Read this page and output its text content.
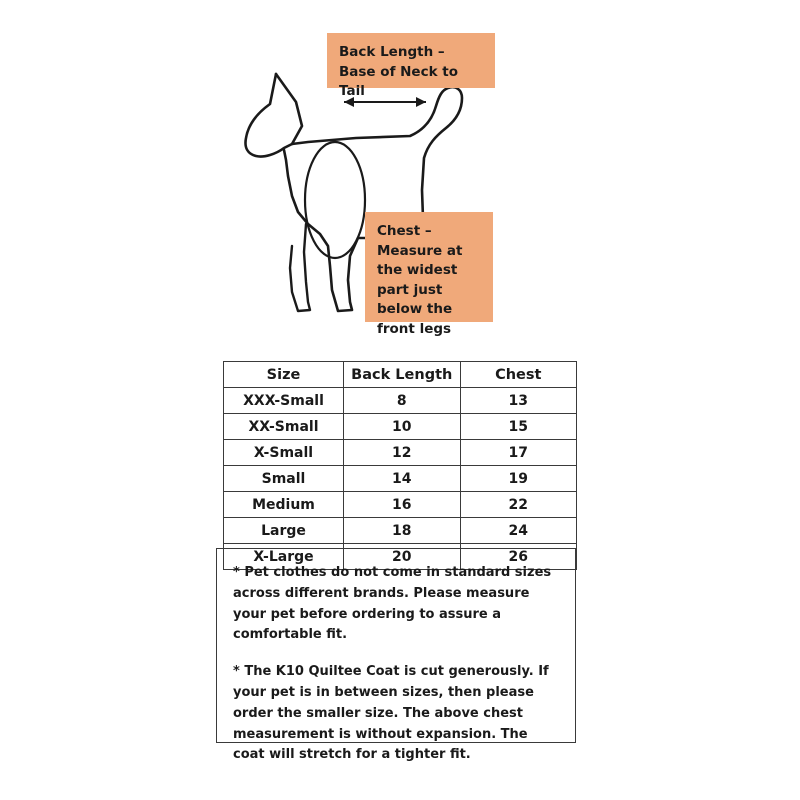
Back Length – Base of Neck to Tail
Chest – Measure at the widest part just below the front legs
Size	Back Length	Chest
XXX-Small	8	13
XX-Small	10	15
X-Small	12	17
Small	14	19
Medium	16	22
Large	18	24
X-Large	20	26

* Pet clothes do not come in standard sizes across different brands. Please measure your pet before ordering to assure a comfortable fit.

* The K10 Quiltee Coat is cut generously. If your pet is in between sizes, then please order the smaller size. The above chest measurement is without expansion. The coat will stretch for a tighter fit.
